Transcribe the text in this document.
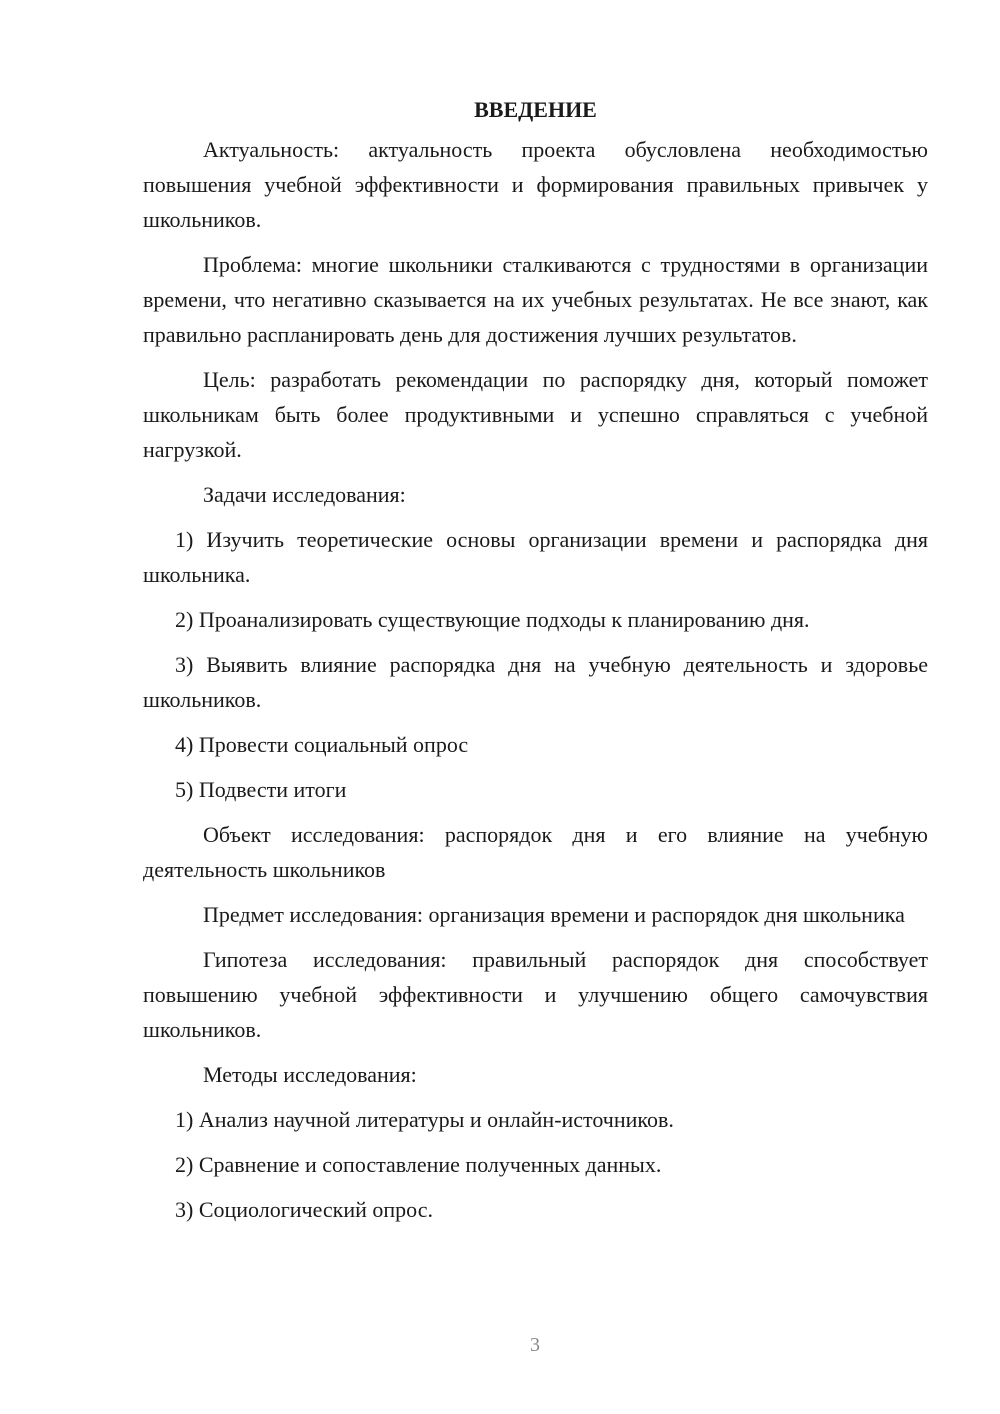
ВВЕДЕНИЕ

Актуальность: актуальность проекта обусловлена необходимостью повышения учебной эффективности и формирования правильных привычек у школьников.

Проблема: многие школьники сталкиваются с трудностями в организации времени, что негативно сказывается на их учебных результатах. Не все знают, как правильно распланировать день для достижения лучших результатов.

Цель: разработать рекомендации по распорядку дня, который поможет школьникам быть более продуктивными и успешно справляться с учебной нагрузкой.

Задачи исследования:

1) Изучить теоретические основы организации времени и распорядка дня школьника.

2) Проанализировать существующие подходы к планированию дня.

3) Выявить влияние распорядка дня на учебную деятельность и здоровье школьников.

4) Провести социальный опрос

5) Подвести итоги

Объект исследования: распорядок дня и его влияние на учебную деятельность школьников

Предмет исследования: организация времени и распорядок дня школьника

Гипотеза исследования: правильный распорядок дня способствует повышению учебной эффективности и улучшению общего самочувствия школьников.

Методы исследования:

1) Анализ научной литературы и онлайн-источников.

2) Сравнение и сопоставление полученных данных.

3) Социологический опрос.

3
